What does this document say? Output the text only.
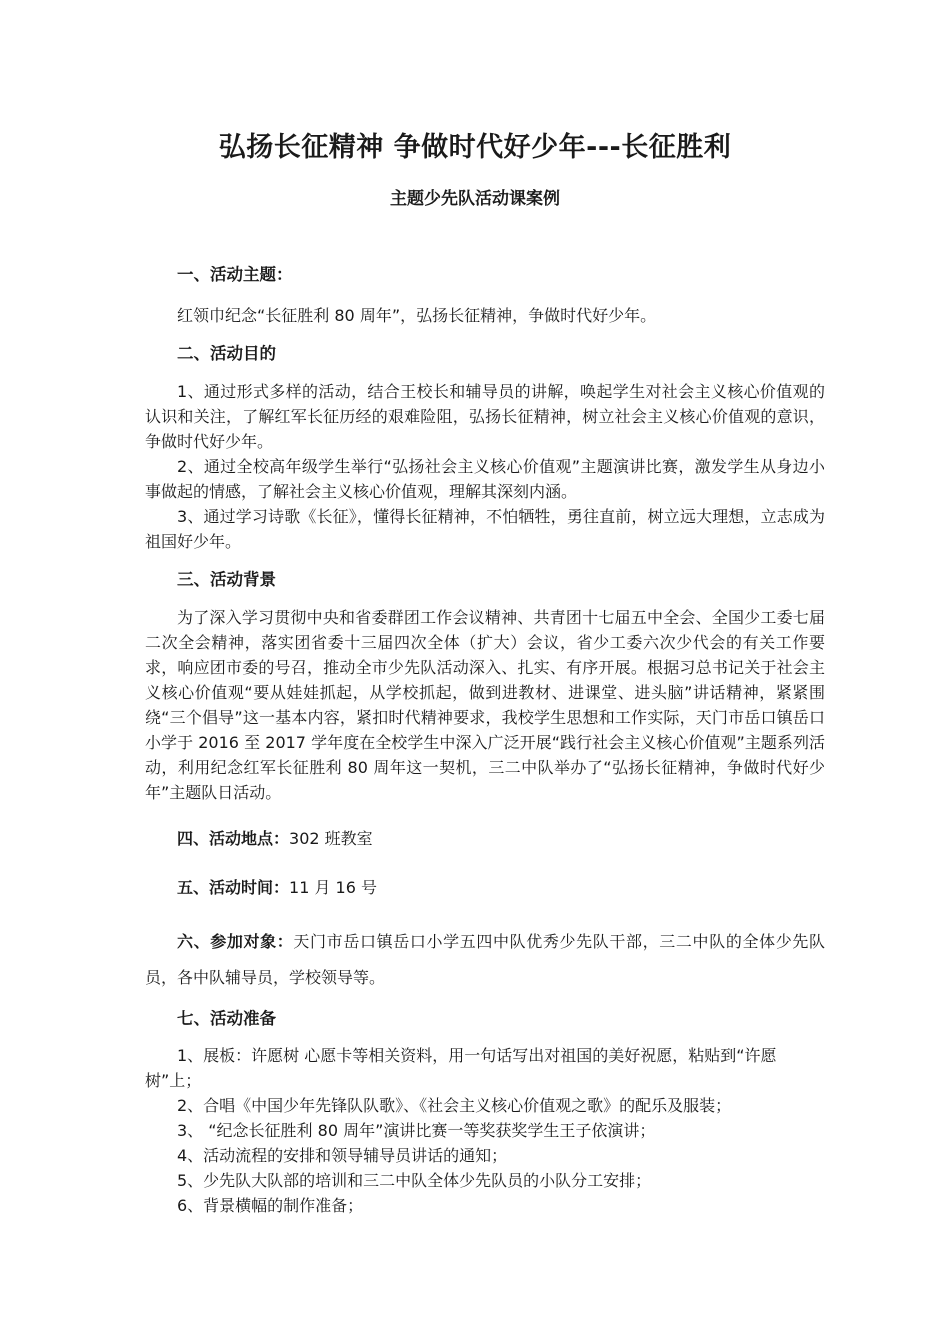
弘扬长征精神 争做时代好少年---长征胜利
主题少先队活动课案例
一、活动主题：
红领巾纪念“长征胜利 80 周年”，弘扬长征精神，争做时代好少年。
二、活动目的
1、通过形式多样的活动，结合王校长和辅导员的讲解，唤起学生对社会主义核心价值观的认识和关注，了解红军长征历经的艰难险阻，弘扬长征精神，树立社会主义核心价值观的意识，争做时代好少年。
2、通过全校高年级学生举行“弘扬社会主义核心价值观”主题演讲比赛，激发学生从身边小事做起的情感，了解社会主义核心价值观，理解其深刻内涵。
3、通过学习诗歌《长征》，懂得长征精神，不怕牺牲，勇往直前，树立远大理想，立志成为祖国好少年。
三、活动背景
为了深入学习贯彻中央和省委群团工作会议精神、共青团十七届五中全会、全国少工委七届二次全会精神，落实团省委十三届四次全体（扩大）会议，省少工委六次少代会的有关工作要求，响应团市委的号召，推动全市少先队活动深入、扎实、有序开展。根据习总书记关于社会主义核心价值观“要从娃娃抓起，从学校抓起，做到进教材、进课堂、进头脑”讲话精神，紧紧围绕“三个倡导”这一基本内容，紧扣时代精神要求，我校学生思想和工作实际，天门市岳口镇岳口小学于 2016 至 2017 学年度在全校学生中深入广泛开展“践行社会主义核心价值观”主题系列活动，利用纪念红军长征胜利 80 周年这一契机，三二中队举办了“弘扬长征精神，争做时代好少年”主题队日活动。
四、活动地点：302 班教室
五、活动时间：11 月 16 号
六、参加对象：天门市岳口镇岳口小学五四中队优秀少先队干部，三二中队的全体少先队员，各中队辅导员，学校领导等。
七、活动准备
1、展板：许愿树 心愿卡等相关资料，用一句话写出对祖国的美好祝愿，粘贴到“许愿树”上；
2、合唱《中国少年先锋队队歌》、《社会主义核心价值观之歌》的配乐及服装；
3、 “纪念长征胜利 80 周年”演讲比赛一等奖获奖学生王子依演讲；
4、活动流程的安排和领导辅导员讲话的通知；
5、少先队大队部的培训和三二中队全体少先队员的小队分工安排；
6、背景横幅的制作准备；
